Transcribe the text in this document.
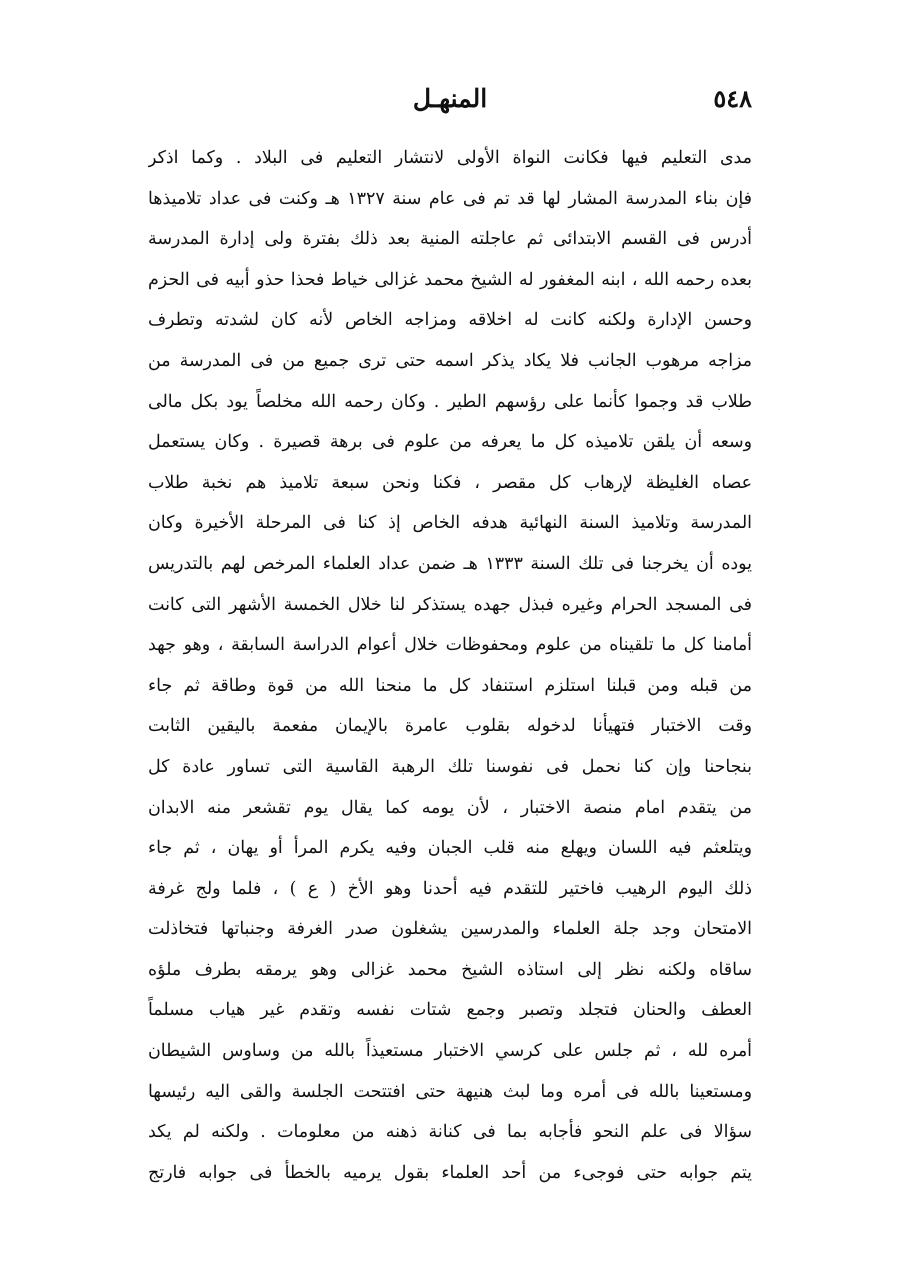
المنهـل	٥٤٨
مدى التعليم فيها فكانت النواة الأولى لانتشار التعليم فى البلاد . وكما اذكر
فإن بناء المدرسة المشار لها قد تم فى عام سنة ١٣٢٧ هـ وكنت فى عداد تلاميذها
أدرس فى القسم الابتدائى ثم عاجلته المنية بعد ذلك بفترة ولى إدارة المدرسة
بعده رحمه الله ، ابنه المغفور له الشيخ محمد غزالى خياط فحذا حذو أبيه فى الحزم
وحسن الإدارة ولكنه كانت له اخلاقه ومزاجه الخاص لأنه كان لشدته وتطرف
مزاجه مرهوب الجانب فلا يكاد يذكر اسمه حتى ترى جميع من فى المدرسة من
طلاب قد وجموا كأنما على رؤسهم الطير . وكان رحمه الله مخلصاً يود بكل مالى
وسعه أن يلقن تلاميذه كل ما يعرفه من علوم فى برهة قصيرة . وكان يستعمل
عصاه الغليظة لإرهاب كل مقصر ، فكنا ونحن سبعة تلاميذ هم نخبة طلاب
المدرسة وتلاميذ السنة النهائية هدفه الخاص إذ كنا فى المرحلة الأخيرة وكان
يوده أن يخرجنا فى تلك السنة ١٣٣٣ هـ ضمن عداد العلماء المرخص لهم بالتدريس
فى المسجد الحرام وغيره فبذل جهده يستذكر لنا خلال الخمسة الأشهر التى كانت
أمامنا كل ما تلقيناه من علوم ومحفوظات خلال أعوام الدراسة السابقة ، وهو جهد
من قبله ومن قبلنا استلزم استنفاد كل ما منحنا الله من قوة وطاقة ثم جاء
وقت الاختبار فتهيأنا لدخوله بقلوب عامرة بالإيمان مفعمة باليقين الثابت
بنجاحنا وإن كنا نحمل فى نفوسنا تلك الرهبة القاسية التى تساور عادة كل
من يتقدم امام منصة الاختبار ، لأن يومه كما يقال يوم تقشعر منه الابدان
ويتلعثم فيه اللسان ويهلع منه قلب الجبان وفيه يكرم المرأ أو يهان ، ثم جاء
ذلك اليوم الرهيب فاختير للتقدم فيه أحدنا وهو الأخ ( ع ) ، فلما ولج غرفة
الامتحان وجد جلة العلماء والمدرسين يشغلون صدر الغرفة وجنباتها فتخاذلت
ساقاه ولكنه نظر إلى استاذه الشيخ محمد غزالى وهو يرمقه بطرف ملؤه
العطف والحنان فتجلد وتصبر وجمع شتات نفسه وتقدم غير هياب مسلماً
أمره لله ، ثم جلس على كرسي الاختبار مستعيذاً بالله من وساوس الشيطان
ومستعينا بالله فى أمره وما لبث هنيهة حتى افتتحت الجلسة والقى اليه رئيسها
سؤالا فى علم النحو فأجابه بما فى كنانة ذهنه من معلومات . ولكنه لم يكد
يتم جوابه حتى فوجىء من أحد العلماء بقول يرميه بالخطأ فى جوابه فارتج
